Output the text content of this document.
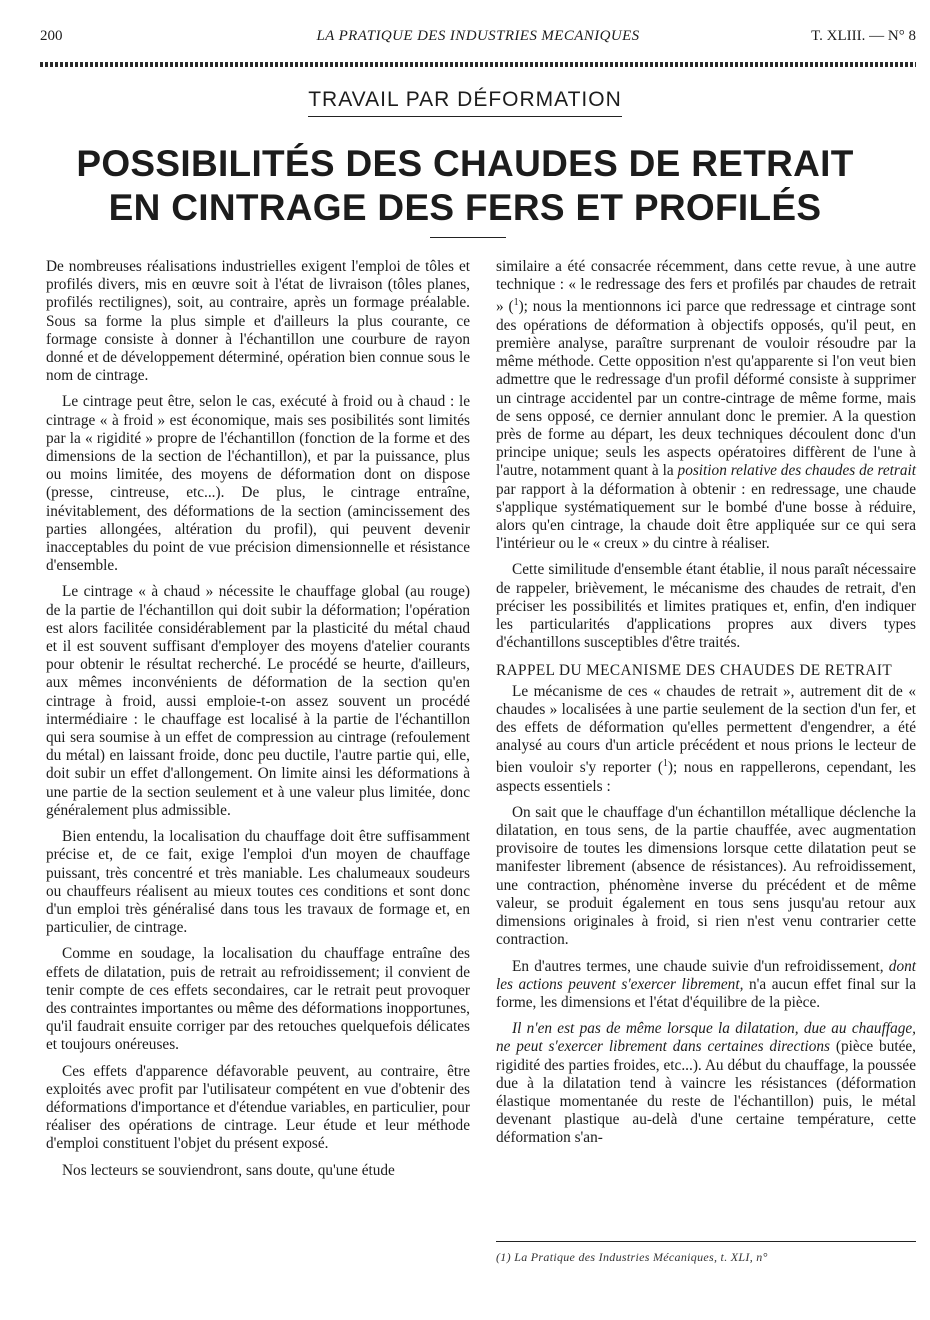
200	LA PRATIQUE DES INDUSTRIES MECANIQUES	T. XLIII. — N° 8
TRAVAIL PAR DÉFORMATION
POSSIBILITÉS DES CHAUDES DE RETRAIT
EN CINTRAGE DES FERS ET PROFILÉS

De nombreuses réalisations industrielles exigent l'emploi de tôles et profilés divers, mis en œuvre soit à l'état de livraison (tôles planes, profilés rectilignes), soit, au contraire, après un formage préalable. Sous sa forme la plus simple et d'ailleurs la plus courante, ce formage consiste à donner à l'échantillon une courbure de rayon donné et de développement déterminé, opération bien connue sous le nom de cintrage.

Le cintrage peut être, selon le cas, exécuté à froid ou à chaud : le cintrage « à froid » est économique, mais ses posibilités sont limités par la « rigidité » propre de l'échantillon (fonction de la forme et des dimensions de la section de l'échantillon), et par la puissance, plus ou moins limitée, des moyens de déformation dont on dispose (presse, cintreuse, etc...). De plus, le cintrage entraîne, inévitablement, des déformations de la section (amincissement des parties allongées, altération du profil), qui peuvent devenir inacceptables du point de vue précision dimensionnelle et résistance d'ensemble.

Le cintrage « à chaud » nécessite le chauffage global (au rouge) de la partie de l'échantillon qui doit subir la déformation; l'opération est alors facilitée considérablement par la plasticité du métal chaud et il est souvent suffisant d'employer des moyens d'atelier courants pour obtenir le résultat recherché. Le procédé se heurte, d'ailleurs, aux mêmes inconvénients de déformation de la section qu'en cintrage à froid, aussi emploie-t-on assez souvent un procédé intermédiaire : le chauffage est localisé à la partie de l'échantillon qui sera soumise à un effet de compression au cintrage (refoulement du métal) en laissant froide, donc peu ductile, l'autre partie qui, elle, doit subir un effet d'allongement. On limite ainsi les déformations à une partie de la section seulement et à une valeur plus limitée, donc généralement plus admissible.

Bien entendu, la localisation du chauffage doit être suffisamment précise et, de ce fait, exige l'emploi d'un moyen de chauffage puissant, très concentré et très maniable. Les chalumeaux soudeurs ou chauffeurs réalisent au mieux toutes ces conditions et sont donc d'un emploi très généralisé dans tous les travaux de formage et, en particulier, de cintrage.

Comme en soudage, la localisation du chauffage entraîne des effets de dilatation, puis de retrait au refroidissement; il convient de tenir compte de ces effets secondaires, car le retrait peut provoquer des contraintes importantes ou même des déformations inopportunes, qu'il faudrait ensuite corriger par des retouches quelquefois délicates et toujours onéreuses.

Ces effets d'apparence défavorable peuvent, au contraire, être exploités avec profit par l'utilisateur compétent en vue d'obtenir des déformations d'importance et d'étendue variables, en particulier, pour réaliser des opérations de cintrage. Leur étude et leur méthode d'emploi constituent l'objet du présent exposé.

Nos lecteurs se souviendront, sans doute, qu'une étude

similaire a été consacrée récemment, dans cette revue, à une autre technique : « le redressage des fers et profilés par chaudes de retrait » ($^1$); nous la mentionnons ici parce que redressage et cintrage sont des opérations de déformation à objectifs opposés, qu'il peut, en première analyse, paraître surprenant de vouloir résoudre par la même méthode. Cette opposition n'est qu'apparente si l'on veut bien admettre que le redressage d'un profil déformé consiste à supprimer un cintrage accidentel par un contre-cintrage de même forme, mais de sens opposé, ce dernier annulant donc le premier. A la question près de forme au départ, les deux techniques découlent donc d'un principe unique; seuls les aspects opératoires diffèrent de l'une à l'autre, notamment quant à la position relative des chaudes de retrait par rapport à la déformation à obtenir : en redressage, une chaude s'applique systématiquement sur le bombé d'une bosse à réduire, alors qu'en cintrage, la chaude doit être appliquée sur ce qui sera l'intérieur ou le « creux » du cintre à réaliser.

Cette similitude d'ensemble étant établie, il nous paraît nécessaire de rappeler, brièvement, le mécanisme des chaudes de retrait, d'en préciser les possibilités et limites pratiques et, enfin, d'en indiquer les particularités d'applications propres aux divers types d'échantillons susceptibles d'être traités.

RAPPEL DU MECANISME DES CHAUDES DE RETRAIT

Le mécanisme de ces « chaudes de retrait », autrement dit de « chaudes » localisées à une partie seulement de la section d'un fer, et des effets de déformation qu'elles permettent d'engendrer, a été analysé au cours d'un article précédent et nous prions le lecteur de bien vouloir s'y reporter ($^1$); nous en rappellerons, cependant, les aspects essentiels :

On sait que le chauffage d'un échantillon métallique déclenche la dilatation, en tous sens, de la partie chauffée, avec augmentation provisoire de toutes les dimensions lorsque cette dilatation peut se manifester librement (absence de résistances). Au refroidissement, une contraction, phénomène inverse du précédent et de même valeur, se produit également en tous sens jusqu'au retour aux dimensions originales à froid, si rien n'est venu contrarier cette contraction.

En d'autres termes, une chaude suivie d'un refroidissement, dont les actions peuvent s'exercer librement, n'a aucun effet final sur la forme, les dimensions et l'état d'équilibre de la pièce.

Il n'en est pas de même lorsque la dilatation, due au chauffage, ne peut s'exercer librement dans certaines directions (pièce butée, rigidité des parties froides, etc...). Au début du chauffage, la poussée due à la dilatation tend à vaincre les résistances (déformation élastique momentanée du reste de l'échantillon) puis, le métal devenant plastique au-delà d'une certaine température, cette déformation s'an-

(1) La Pratique des Industries Mécaniques, t. XLI, n°
